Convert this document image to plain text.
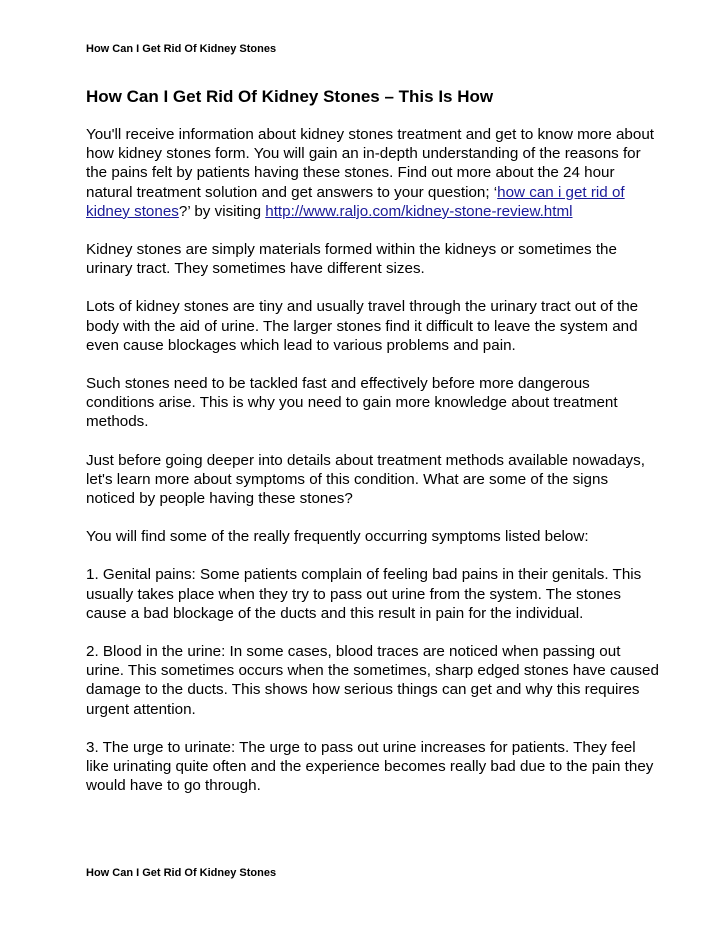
How Can I Get Rid Of Kidney Stones
How Can I Get Rid Of Kidney Stones – This Is How

You'll receive information about kidney stones treatment and get to know more about how kidney stones form. You will gain an in-depth understanding of the reasons for the pains felt by patients having these stones. Find out more about the 24 hour natural treatment solution and get answers to your question; ‘how can i get rid of kidney stones?’ by visiting http://www.raljo.com/kidney-stone-review.html

Kidney stones are simply materials formed within the kidneys or sometimes the urinary tract. They sometimes have different sizes.

Lots of kidney stones are tiny and usually travel through the urinary tract out of the body with the aid of urine. The larger stones find it difficult to leave the system and even cause blockages which lead to various problems and pain.

Such stones need to be tackled fast and effectively before more dangerous conditions arise. This is why you need to gain more knowledge about treatment methods.

Just before going deeper into details about treatment methods available nowadays, let's learn more about symptoms of this condition. What are some of the signs noticed by people having these stones?

You will find some of the really frequently occurring symptoms listed below:

1. Genital pains: Some patients complain of feeling bad pains in their genitals. This usually takes place when they try to pass out urine from the system. The stones cause a bad blockage of the ducts and this result in pain for the individual.

2. Blood in the urine: In some cases, blood traces are noticed when passing out urine. This sometimes occurs when the sometimes, sharp edged stones have caused damage to the ducts. This shows how serious things can get and why this requires urgent attention.

3. The urge to urinate: The urge to pass out urine increases for patients. They feel like urinating quite often and the experience becomes really bad due to the pain they would have to go through.

How Can I Get Rid Of Kidney Stones
